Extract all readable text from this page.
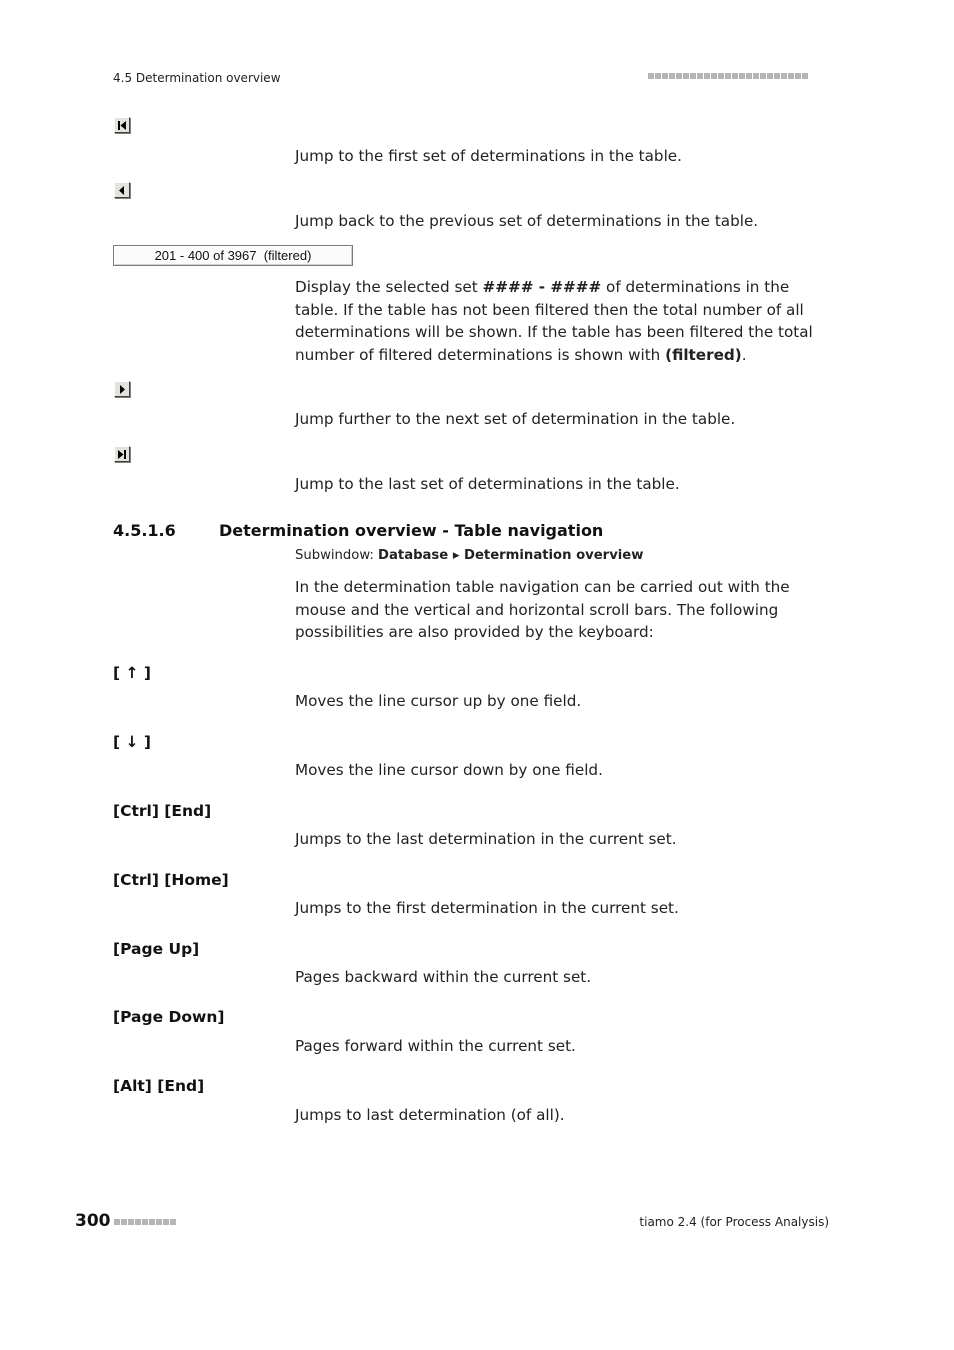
4.5 Determination overview

Jump to the first set of determinations in the table.

Jump back to the previous set of determinations in the table.

201 - 400 of 3967  (filtered)

Display the selected set #### - #### of determinations in the table. If the table has not been filtered then the total number of all determinations will be shown. If the table has been filtered the total number of filtered determinations is shown with (filtered).

Jump further to the next set of determination in the table.

Jump to the last set of determinations in the table.

4.5.1.6	Determination overview - Table navigation
Subwindow: Database ▸ Determination overview

In the determination table navigation can be carried out with the mouse and the vertical and horizontal scroll bars. The following possibilities are also provided by the keyboard:

[ ↑ ]

Moves the line cursor up by one field.

[ ↓ ]

Moves the line cursor down by one field.

[Ctrl] [End]

Jumps to the last determination in the current set.

[Ctrl] [Home]

Jumps to the first determination in the current set.

[Page Up]

Pages backward within the current set.

[Page Down]

Pages forward within the current set.

[Alt] [End]

Jumps to last determination (of all).

300	tiamo 2.4 (for Process Analysis)
